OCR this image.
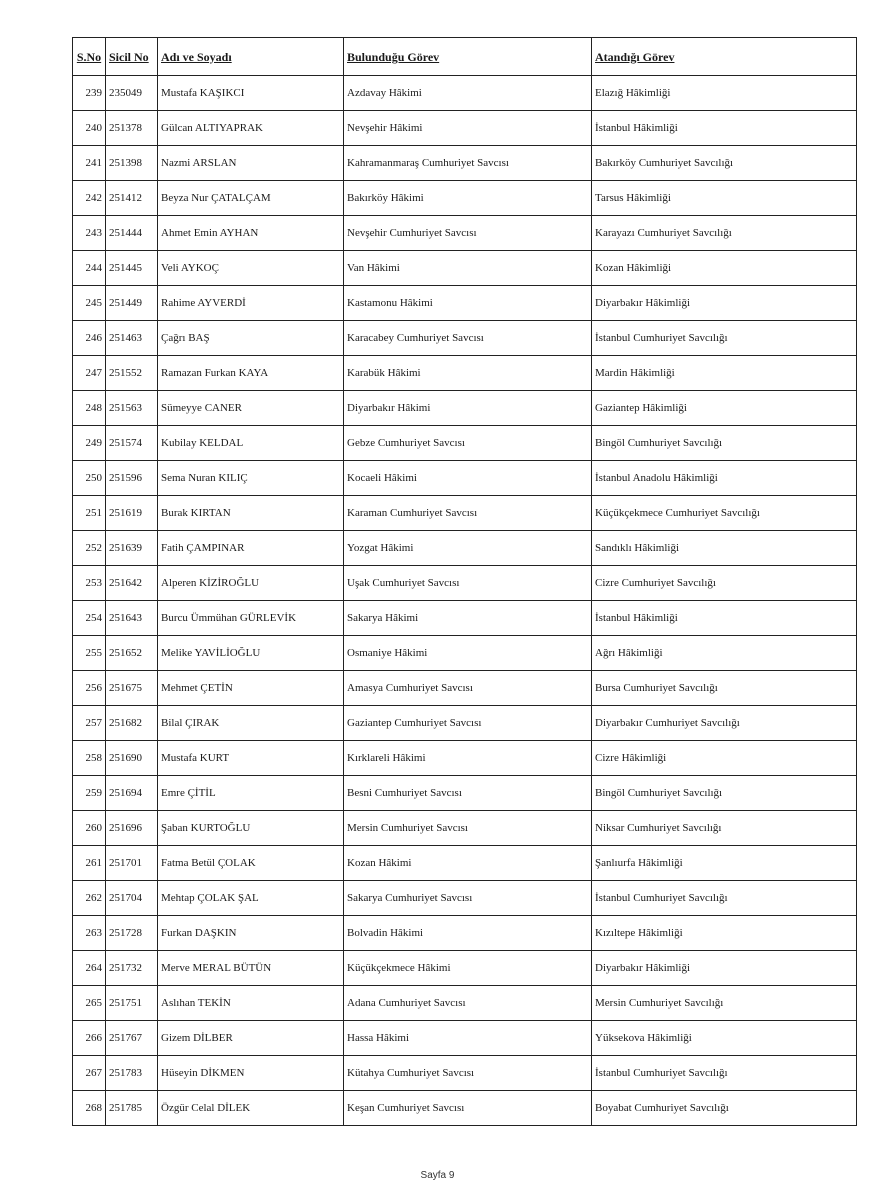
S.No	Sicil No	Adı ve Soyadı	Bulunduğu Görev	Atandığı Görev
239	235049	Mustafa KAŞIKCI	Azdavay Hâkimi	Elazığ Hâkimliği
240	251378	Gülcan ALTIYAPRAK	Nevşehir Hâkimi	İstanbul Hâkimliği
241	251398	Nazmi ARSLAN	Kahramanmaraş Cumhuriyet Savcısı	Bakırköy Cumhuriyet Savcılığı
242	251412	Beyza Nur ÇATALÇAM	Bakırköy Hâkimi	Tarsus Hâkimliği
243	251444	Ahmet Emin AYHAN	Nevşehir Cumhuriyet Savcısı	Karayazı Cumhuriyet Savcılığı
244	251445	Veli AYKOÇ	Van Hâkimi	Kozan Hâkimliği
245	251449	Rahime AYVERDİ	Kastamonu Hâkimi	Diyarbakır Hâkimliği
246	251463	Çağrı BAŞ	Karacabey Cumhuriyet Savcısı	İstanbul Cumhuriyet Savcılığı
247	251552	Ramazan Furkan KAYA	Karabük Hâkimi	Mardin Hâkimliği
248	251563	Sümeyye CANER	Diyarbakır Hâkimi	Gaziantep Hâkimliği
249	251574	Kubilay KELDAL	Gebze Cumhuriyet Savcısı	Bingöl Cumhuriyet Savcılığı
250	251596	Sema Nuran KILIÇ	Kocaeli Hâkimi	İstanbul Anadolu Hâkimliği
251	251619	Burak KIRTAN	Karaman Cumhuriyet Savcısı	Küçükçekmece Cumhuriyet Savcılığı
252	251639	Fatih ÇAMPINAR	Yozgat Hâkimi	Sandıklı Hâkimliği
253	251642	Alperen KİZİROĞLU	Uşak Cumhuriyet Savcısı	Cizre Cumhuriyet Savcılığı
254	251643	Burcu Ümmühan GÜRLEVİK	Sakarya Hâkimi	İstanbul Hâkimliği
255	251652	Melike YAVİLİOĞLU	Osmaniye Hâkimi	Ağrı Hâkimliği
256	251675	Mehmet ÇETİN	Amasya Cumhuriyet Savcısı	Bursa Cumhuriyet Savcılığı
257	251682	Bilal ÇIRAK	Gaziantep Cumhuriyet Savcısı	Diyarbakır Cumhuriyet Savcılığı
258	251690	Mustafa KURT	Kırklareli Hâkimi	Cizre Hâkimliği
259	251694	Emre ÇİTİL	Besni Cumhuriyet Savcısı	Bingöl Cumhuriyet Savcılığı
260	251696	Şaban KURTOĞLU	Mersin Cumhuriyet Savcısı	Niksar Cumhuriyet Savcılığı
261	251701	Fatma Betül ÇOLAK	Kozan Hâkimi	Şanlıurfa Hâkimliği
262	251704	Mehtap ÇOLAK ŞAL	Sakarya Cumhuriyet Savcısı	İstanbul Cumhuriyet Savcılığı
263	251728	Furkan DAŞKIN	Bolvadin Hâkimi	Kızıltepe Hâkimliği
264	251732	Merve MERAL BÜTÜN	Küçükçekmece Hâkimi	Diyarbakır Hâkimliği
265	251751	Aslıhan TEKİN	Adana Cumhuriyet Savcısı	Mersin Cumhuriyet Savcılığı
266	251767	Gizem DİLBER	Hassa Hâkimi	Yüksekova Hâkimliği
267	251783	Hüseyin DİKMEN	Kütahya Cumhuriyet Savcısı	İstanbul Cumhuriyet Savcılığı
268	251785	Özgür Celal DİLEK	Keşan Cumhuriyet Savcısı	Boyabat Cumhuriyet Savcılığı
Sayfa 9
